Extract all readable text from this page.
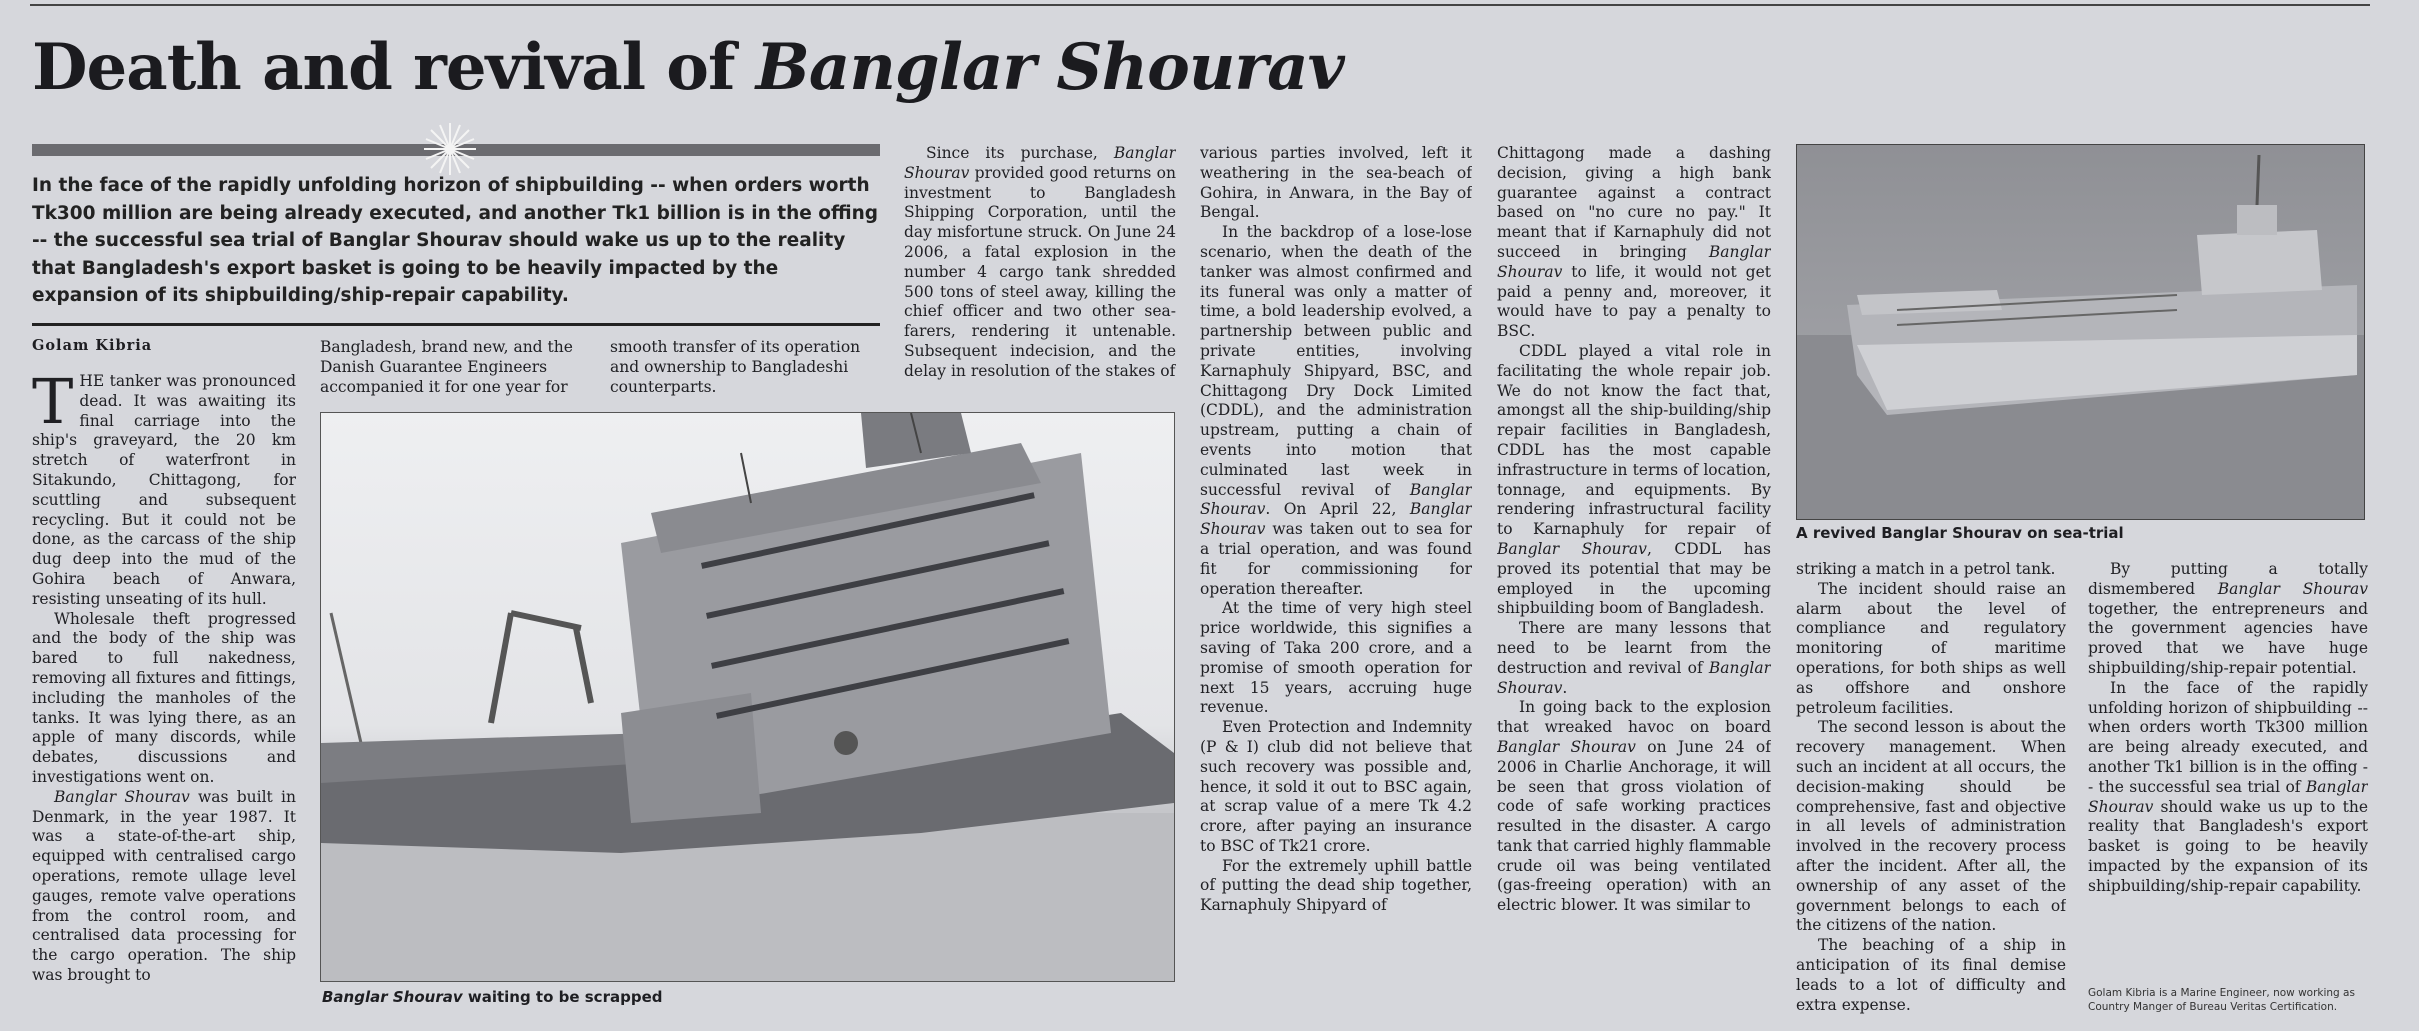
Death and revival of Banglar Shourav

In the face of the rapidly unfolding horizon of shipbuilding -- when orders worth Tk300 million are being already executed, and another Tk1 billion is in the offing -- the successful sea trial of Banglar Shourav should wake us up to the reality that Bangladesh's export basket is going to be heavily impacted by the expansion of its shipbuilding/ship-repair capability.

Golam Kibria

THE tanker was pronounced dead. It was awaiting its final carriage into the ship's graveyard, the 20 km stretch of waterfront in Sitakundo, Chittagong, for scuttling and subsequent recycling. But it could not be done, as the carcass of the ship dug deep into the mud of the Gohira beach of Anwara, resisting unseating of its hull.

Wholesale theft progressed and the body of the ship was bared to full nakedness, removing all fixtures and fittings, including the manholes of the tanks. It was lying there, as an apple of many discords, while debates, discussions and investigations went on.

Banglar Shourav was built in Denmark, in the year 1987. It was a state-of-the-art ship, equipped with centralised cargo operations, remote ullage level gauges, remote valve operations from the control room, and centralised data processing for the cargo operation. The ship was brought to

Bangladesh, brand new, and the Danish Guarantee Engineers accompanied it for one year for

smooth transfer of its operation and ownership to Bangladeshi counterparts.

Banglar Shourav waiting to be scrapped

Since its purchase, Banglar Shourav provided good returns on investment to Bangladesh Shipping Corporation, until the day misfortune struck. On June 24 2006, a fatal explosion in the number 4 cargo tank shredded 500 tons of steel away, killing the chief officer and two other sea-farers, rendering it untenable. Subsequent indecision, and the delay in resolution of the stakes of

various parties involved, left it weathering in the sea-beach of Gohira, in Anwara, in the Bay of Bengal.

In the backdrop of a lose-lose scenario, when the death of the tanker was almost confirmed and its funeral was only a matter of time, a bold leadership evolved, a partnership between public and private entities, involving Karnaphuly Shipyard, BSC, and Chittagong Dry Dock Limited (CDDL), and the administration upstream, putting a chain of events into motion that culminated last week in successful revival of Banglar Shourav. On April 22, Banglar Shourav was taken out to sea for a trial operation, and was found fit for commissioning for operation thereafter.

At the time of very high steel price worldwide, this signifies a saving of Taka 200 crore, and a promise of smooth operation for next 15 years, accruing huge revenue.

Even Protection and Indemnity (P & I) club did not believe that such recovery was possible and, hence, it sold it out to BSC again, at scrap value of a mere Tk 4.2 crore, after paying an insurance to BSC of Tk21 crore.

For the extremely uphill battle of putting the dead ship together, Karnaphuly Shipyard of

Chittagong made a dashing decision, giving a high bank guarantee against a contract based on "no cure no pay." It meant that if Karnaphuly did not succeed in bringing Banglar Shourav to life, it would not get paid a penny and, moreover, it would have to pay a penalty to BSC.

CDDL played a vital role in facilitating the whole repair job. We do not know the fact that, amongst all the ship-building/ship repair facilities in Bangladesh, CDDL has the most capable infrastructure in terms of location, tonnage, and equipments. By rendering infrastructural facility to Karnaphuly for repair of Banglar Shourav, CDDL has proved its potential that may be employed in the upcoming shipbuilding boom of Bangladesh.

There are many lessons that need to be learnt from the destruction and revival of Banglar Shourav.

In going back to the explosion that wreaked havoc on board Banglar Shourav on June 24 of 2006 in Charlie Anchorage, it will be seen that gross violation of code of safe working practices resulted in the disaster. A cargo tank that carried highly flammable crude oil was being ventilated (gas-freeing operation) with an electric blower. It was similar to

A revived Banglar Shourav on sea-trial

striking a match in a petrol tank.

The incident should raise an alarm about the level of compliance and regulatory monitoring of maritime operations, for both ships as well as offshore and onshore petroleum facilities.

The second lesson is about the recovery management. When such an incident at all occurs, the decision-making should be comprehensive, fast and objective in all levels of administration involved in the recovery process after the incident. After all, the ownership of any asset of the government belongs to each of the citizens of the nation.

The beaching of a ship in anticipation of its final demise leads to a lot of difficulty and extra expense.

By putting a totally dismembered Banglar Shourav together, the entrepreneurs and the government agencies have proved that we have huge shipbuilding/ship-repair potential.

In the face of the rapidly unfolding horizon of shipbuilding -- when orders worth Tk300 million are being already executed, and another Tk1 billion is in the offing -- the successful sea trial of Banglar Shourav should wake us up to the reality that Bangladesh's export basket is going to be heavily impacted by the expansion of its shipbuilding/ship-repair capability.

Golam Kibria is a Marine Engineer, now working as Country Manger of Bureau Veritas Certification.
